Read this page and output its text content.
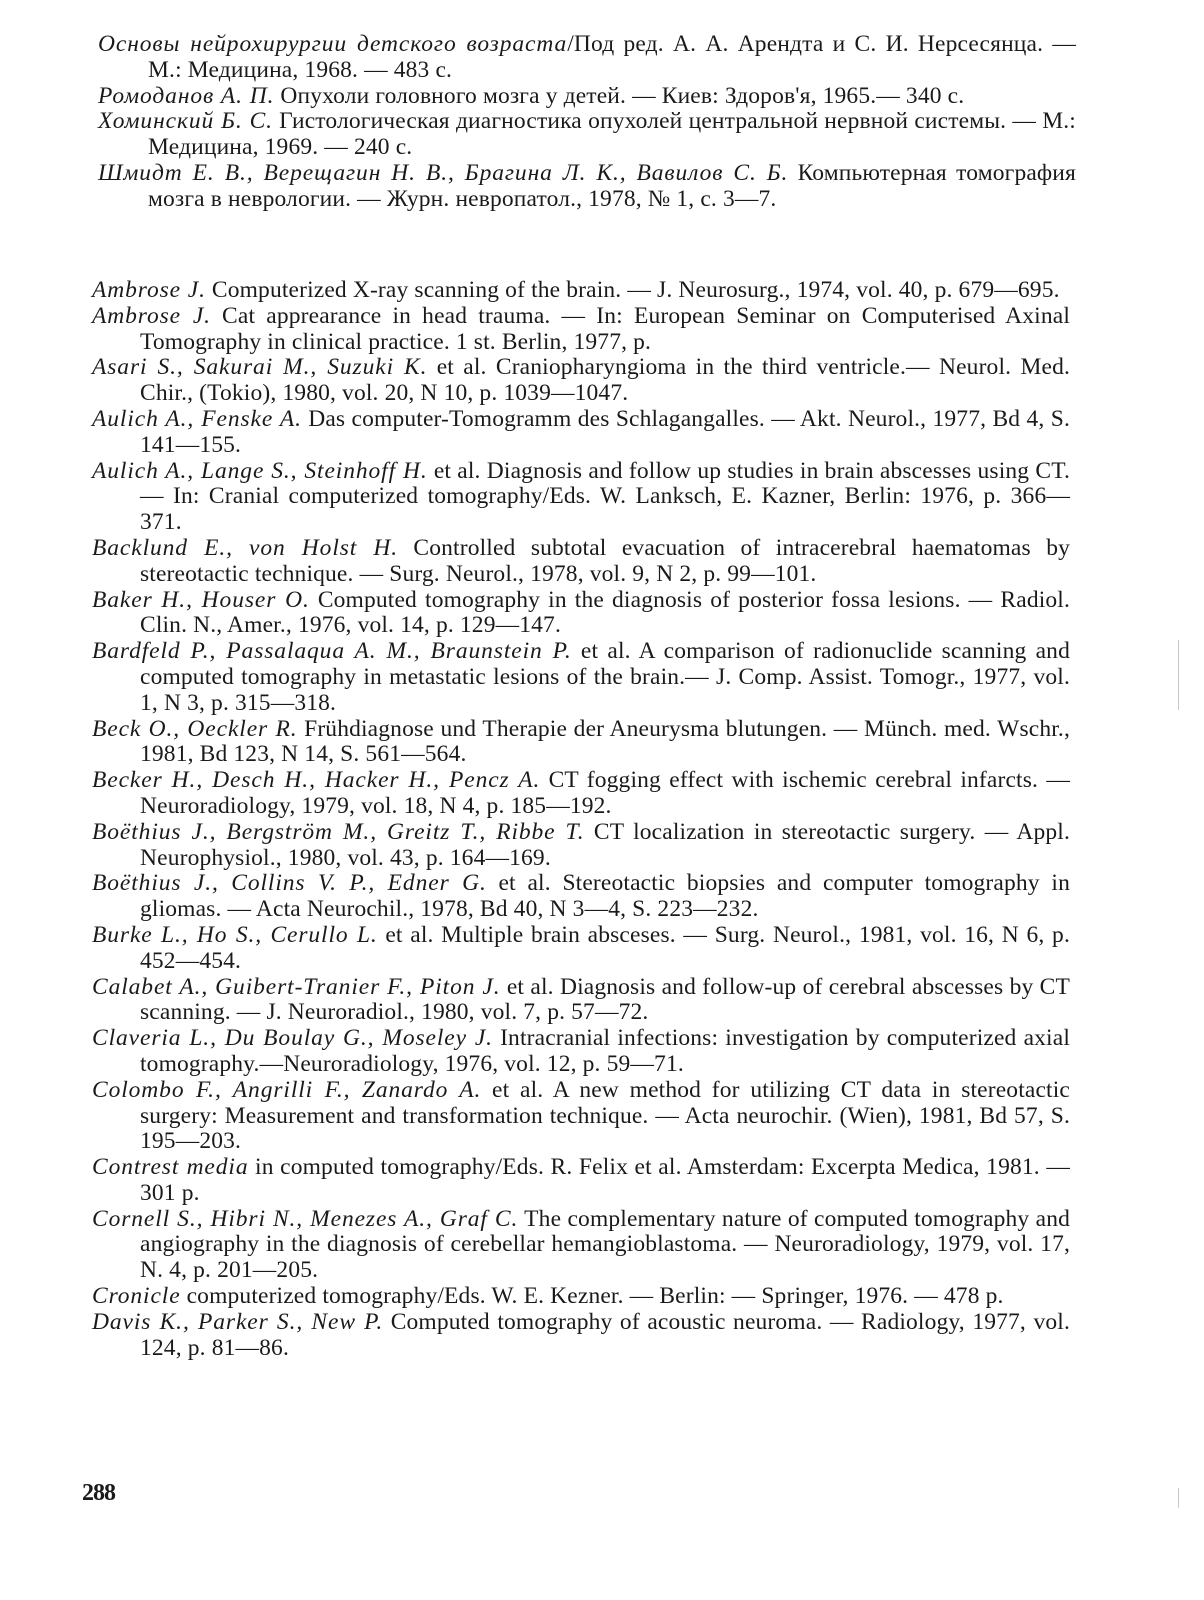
Основы нейрохирургии детского возраста/Под ред. А. А. Арендта и С. И. Нерсесянца. — М.: Медицина, 1968. — 483 с.
Ромоданов А. П. Опухоли головного мозга у детей. — Киев: Здоров'я, 1965.— 340 с.
Хоминский Б. С. Гистологическая диагностика опухолей центральной нервной системы. — М.: Медицина, 1969. — 240 с.
Шмидт Е. В., Верещагин Н. В., Брагина Л. К., Вавилов С. Б. Компьютерная томография мозга в неврологии. — Журн. невропатол., 1978, № 1, с. 3—7.
Ambrose J. Computerized X-ray scanning of the brain. — J. Neurosurg., 1974, vol. 40, p. 679—695.
Ambrose J. Cat apprearance in head trauma. — In: European Seminar on Computerised Axinal Tomography in clinical practice. 1 st. Berlin, 1977, p.
Asari S., Sakurai M., Suzuki K. et al. Craniopharyngioma in the third ventricle.— Neurol. Med. Chir., (Tokio), 1980, vol. 20, N 10, p. 1039—1047.
Aulich A., Fenske A. Das computer-Tomogramm des Schlagangalles. — Akt. Neurol., 1977, Bd 4, S. 141—155.
Aulich A., Lange S., Steinhoff H. et al. Diagnosis and follow up studies in brain abscesses using CT. — In: Cranial computerized tomography/Eds. W. Lanksch, E. Kazner, Berlin: 1976, p. 366—371.
Backlund E., von Holst H. Controlled subtotal evacuation of intracerebral haematomas by stereotactic technique. — Surg. Neurol., 1978, vol. 9, N 2, p. 99—101.
Baker H., Houser O. Computed tomography in the diagnosis of posterior fossa lesions. — Radiol. Clin. N., Amer., 1976, vol. 14, p. 129—147.
Bardfeld P., Passalaqua A. M., Braunstein P. et al. A comparison of radionuclide scanning and computed tomography in metastatic lesions of the brain.— J. Comp. Assist. Tomogr., 1977, vol. 1, N 3, p. 315—318.
Beck O., Oeckler R. Frühdiagnose und Therapie der Aneurysma blutungen. — Münch. med. Wschr., 1981, Bd 123, N 14, S. 561—564.
Becker H., Desch H., Hacker H., Pencz A. CT fogging effect with ischemic cerebral infarcts. — Neuroradiology, 1979, vol. 18, N 4, p. 185—192.
Boëthius J., Bergström M., Greitz T., Ribbe T. CT localization in stereotactic surgery. — Appl. Neurophysiol., 1980, vol. 43, p. 164—169.
Boëthius J., Collins V. P., Edner G. et al. Stereotactic biopsies and computer tomography in gliomas. — Acta Neurochil., 1978, Bd 40, N 3—4, S. 223—232.
Burke L., Ho S., Cerullo L. et al. Multiple brain absceses. — Surg. Neurol., 1981, vol. 16, N 6, p. 452—454.
Calabet A., Guibert-Tranier F., Piton J. et al. Diagnosis and follow-up of cerebral abscesses by CT scanning. — J. Neuroradiol., 1980, vol. 7, p. 57—72.
Claveria L., Du Boulay G., Moseley J. Intracranial infections: investigation by computerized axial tomography.—Neuroradiology, 1976, vol. 12, p. 59—71.
Colombo F., Angrilli F., Zanardo A. et al. A new method for utilizing CT data in stereotactic surgery: Measurement and transformation technique. — Acta neurochir. (Wien), 1981, Bd 57, S. 195—203.
Contrest media in computed tomography/Eds. R. Felix et al. Amsterdam: Excerpta Medica, 1981. — 301 p.
Cornell S., Hibri N., Menezes A., Graf C. The complementary nature of computed tomography and angiography in the diagnosis of cerebellar hemangioblastoma. — Neuroradiology, 1979, vol. 17, N. 4, p. 201—205.
Cronicle computerized tomography/Eds. W. E. Kezner. — Berlin: — Springer, 1976. — 478 p.
Davis K., Parker S., New P. Computed tomography of acoustic neuroma. — Radiology, 1977, vol. 124, p. 81—86.
288
